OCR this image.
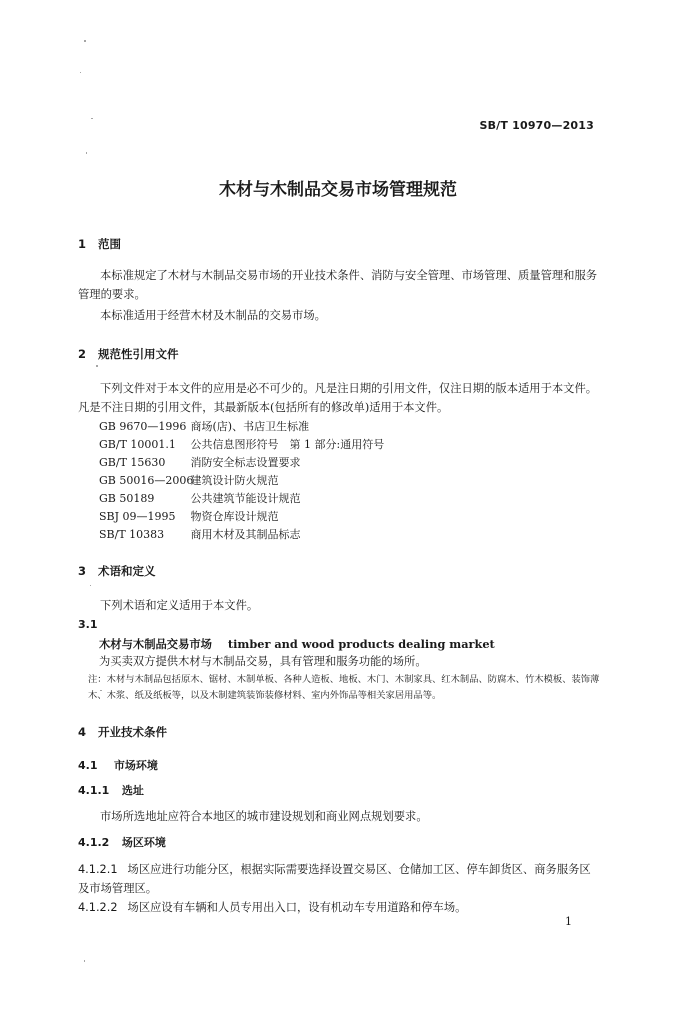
SB/T 10970—2013
木材与木制品交易市场管理规范
1 范围
本标准规定了木材与木制品交易市场的开业技术条件、消防与安全管理、市场管理、质量管理和服务管理的要求。
本标准适用于经营木材及木制品的交易市场。
2 规范性引用文件
下列文件对于本文件的应用是必不可少的。凡是注日期的引用文件，仅注日期的版本适用于本文件。凡是不注日期的引用文件，其最新版本(包括所有的修改单)适用于本文件。
GB 9670—1996 商场(店)、书店卫生标准
GB/T 10001.1 公共信息图形符号　第 1 部分:通用符号
GB/T 15630 消防安全标志设置要求
GB 50016—2006 建筑设计防火规范
GB 50189	公共建筑节能设计规范
SBJ 09—1995 物资仓库设计规范
SB/T 10383 商用木材及其制品标志
3 术语和定义
下列术语和定义适用于本文件。
3.1
木材与木制品交易市场 timber and wood products dealing market
为买卖双方提供木材与木制品交易，具有管理和服务功能的场所。
注：木材与木制品包括原木、锯材、木制单板、各种人造板、地板、木门、木制家具、红木制品、防腐木、竹木模板、装饰薄木、木浆、纸及纸板等，以及木制建筑装饰装修材料、室内外饰品等相关家居用品等。
4 开业技术条件
4.1 市场环境
4.1.1 选址
市场所选地址应符合本地区的城市建设规划和商业网点规划要求。
4.1.2 场区环境
4.1.2.1 场区应进行功能分区，根据实际需要选择设置交易区、仓储加工区、停车卸货区、商务服务区及市场管理区。
4.1.2.2 场区应设有车辆和人员专用出入口，设有机动车专用道路和停车场。
1
